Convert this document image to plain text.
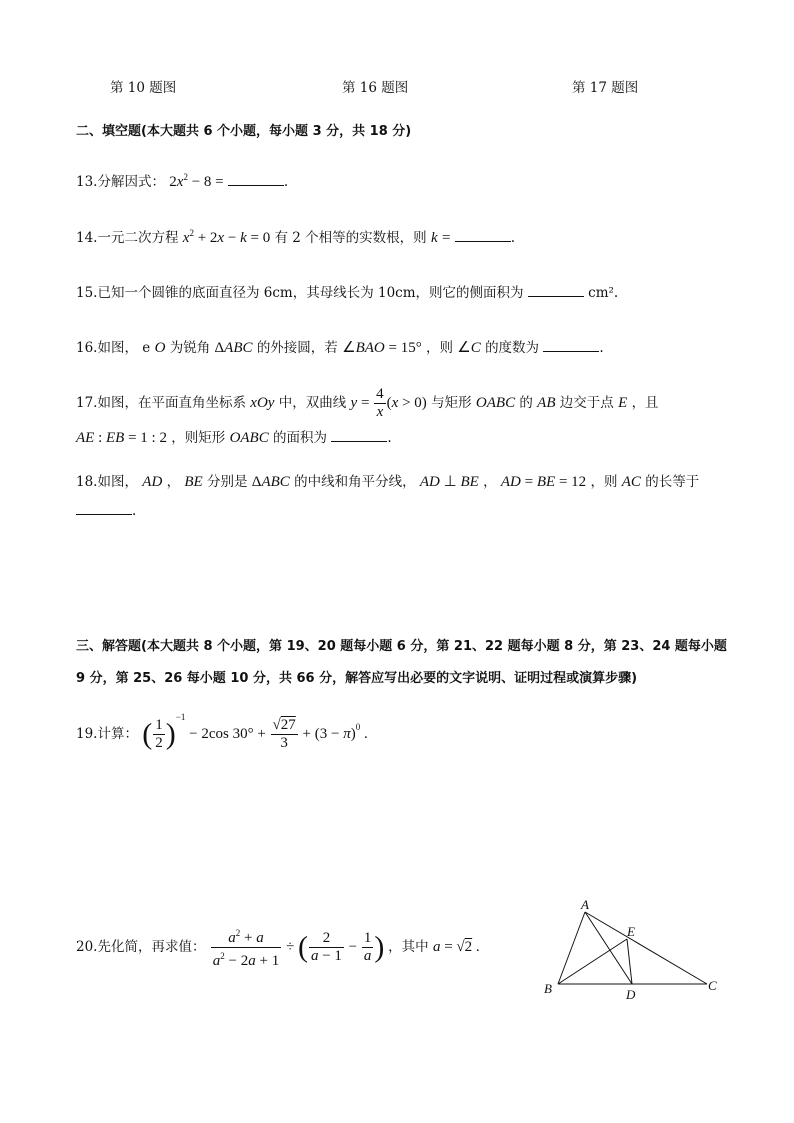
第 10 题图	第 16 题图	第 17 题图
二、填空题(本大题共 6 个小题，每小题 3 分，共 18 分)
13.分解因式： $2x^2 - 8$ =	.
14.一元二次方程 $x^2 + 2x - k = 0$ 有 2 个相等的实数根，则 k =	.
15.已知一个圆锥的底面直径为 6cm，其母线长为 10cm，则它的侧面积为	cm².
16.如图， e O 为锐角 ΔABC 的外接圆，若 ∠BAO = 15° ，则 ∠C 的度数为	.
17.如图，在平面直角坐标系 xOy 中，双曲线 $y = \frac{4}{x} (x > 0)$ 与矩形 OABC 的 AB 边交于点 E ，且
AE : EB = 1 : 2 ，则矩形 OABC 的面积为	.
18.如图， AD ， BE 分别是 ΔABC 的中线和角平分线， AD ⊥ BE ， AD = BE = 12 ，则 AC 的长等于
.
三、解答题(本大题共 8 个小题，第 19、20 题每小题 6 分，第 21、22 题每小题 8 分，第 23、24 题每小题
9 分，第 25、26 每小题 10 分，共 66 分，解答应写出必要的文字说明、证明过程或演算步骤)
19.计算： ( $\frac{1}{2} )^{-1} - 2\cos$ $30^\circ + \frac{√27}{3} + (3 - \pi)^0$ .
20.先化简，再求值： $\frac{a^2 + a}{a^2 - 2a + 1}$ ÷ ( $\frac{2}{a - 1} - \frac{1}{a}$ ) ，其中 a = √2 .
A
B	C
D
E
